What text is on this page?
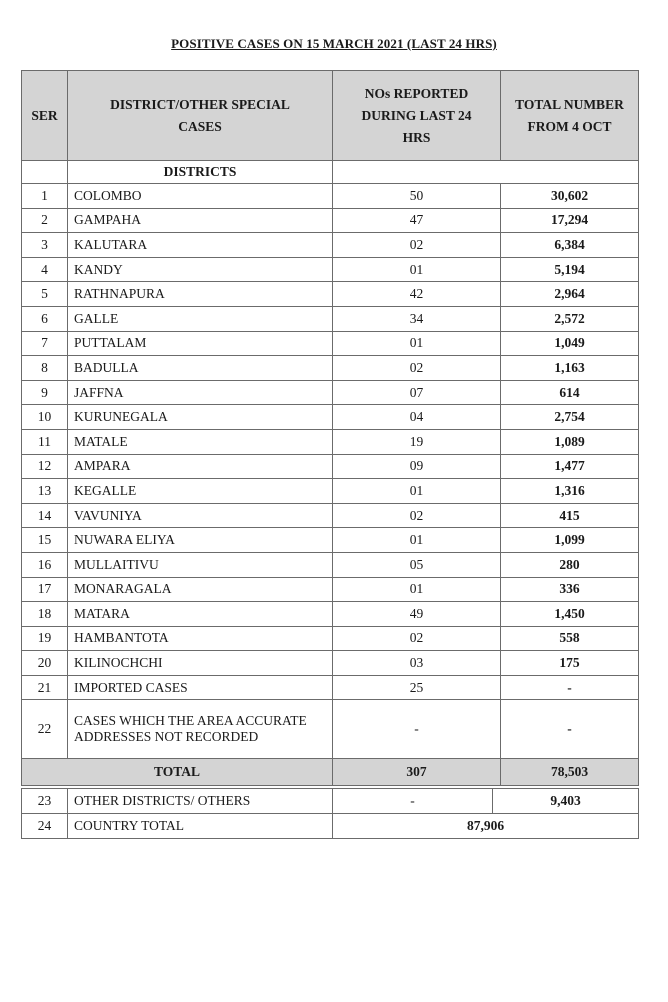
POSITIVE CASES ON 15 MARCH 2021 (LAST 24 HRS)
SER	DISTRICT/OTHER SPECIAL CASES	NOs REPORTED DURING LAST 24 HRS	TOTAL NUMBER FROM 4 OCT
	DISTRICTS		
1	COLOMBO	50	30,602
2	GAMPAHA	47	17,294
3	KALUTARA	02	6,384
4	KANDY	01	5,194
5	RATHNAPURA	42	2,964
6	GALLE	34	2,572
7	PUTTALAM	01	1,049
8	BADULLA	02	1,163
9	JAFFNA	07	614
10	KURUNEGALA	04	2,754
11	MATALE	19	1,089
12	AMPARA	09	1,477
13	KEGALLE	01	1,316
14	VAVUNIYA	02	415
15	NUWARA ELIYA	01	1,099
16	MULLAITIVU	05	280
17	MONARAGALA	01	336
18	MATARA	49	1,450
19	HAMBANTOTA	02	558
20	KILINOCHCHI	03	175
21	IMPORTED CASES	25	-
22	CASES WHICH THE AREA ACCURATE ADDRESSES NOT RECORDED	-	-
TOTAL		307	78,503
23	OTHER DISTRICTS/ OTHERS	-	9,403
24	COUNTRY TOTAL	87,906	
